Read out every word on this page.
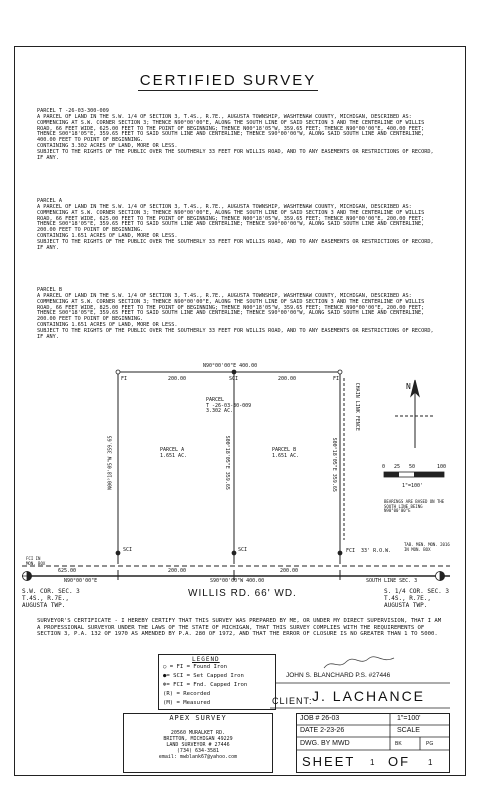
CERTIFIED SURVEY

PARCEL T -26-03-300-009
A PARCEL OF LAND IN THE S.W. 1/4 OF SECTION 3, T.4S., R.7E., AUGUSTA TOWNSHIP, WASHTENAW COUNTY, MICHIGAN, DESCRIBED AS:
COMMENCING AT S.W. CORNER SECTION 3; THENCE N90°00'00"E, ALONG THE SOUTH LINE OF SAID SECTION 3 AND THE CENTERLINE OF WILLIS ROAD, 66 FEET WIDE, 625.00 FEET TO THE POINT OF BEGINNING; THENCE N00°18'05"W, 359.65 FEET; THENCE N90°00'00"E, 400.00 FEET; THENCE S00°18'05"E, 359.65 FEET TO SAID SOUTH LINE AND CENTERLINE; THENCE S90°00'00"W, ALONG SAID SOUTH LINE AND CENTERLINE, 400.00 FEET TO POINT OF BEGINNING.
CONTAINING 3.302 ACRES OF LAND, MORE OR LESS.
SUBJECT TO THE RIGHTS OF THE PUBLIC OVER THE SOUTHERLY 33 FEET FOR WILLIS ROAD, AND TO ANY EASEMENTS OR RESTRICTIONS OF RECORD, IF ANY.

PARCEL A
A PARCEL OF LAND IN THE S.W. 1/4 OF SECTION 3, T.4S., R.7E., AUGUSTA TOWNSHIP, WASHTENAW COUNTY, MICHIGAN, DESCRIBED AS:
COMMENCING AT S.W. CORNER SECTION 3; THENCE N90°00'00"E, ALONG THE SOUTH LINE OF SAID SECTION 3 AND THE CENTERLINE OF WILLIS ROAD, 66 FEET WIDE, 625.00 FEET TO THE POINT OF BEGINNING; THENCE N00°18'05"W, 359.65 FEET; THENCE N90°00'00"E, 200.00 FEET; THENCE S00°18'05"E, 359.65 FEET TO SAID SOUTH LINE AND CENTERLINE; THENCE S90°00'00"W, ALONG SAID SOUTH LINE AND CENTERLINE, 200.00 FEET TO POINT OF BEGINNING.
CONTAINING 1.651 ACRES OF LAND, MORE OR LESS.
SUBJECT TO THE RIGHTS OF THE PUBLIC OVER THE SOUTHERLY 33 FEET FOR WILLIS ROAD, AND TO ANY EASEMENTS OR RESTRICTIONS OF RECORD, IF ANY.

PARCEL B
A PARCEL OF LAND IN THE S.W. 1/4 OF SECTION 3, T.4S., R.7E., AUGUSTA TOWNSHIP, WASHTENAW COUNTY, MICHIGAN, DESCRIBED AS:
COMMENCING AT S.W. CORNER SECTION 3; THENCE N90°00'00"E, ALONG THE SOUTH LINE OF SAID SECTION 3 AND THE CENTERLINE OF WILLIS ROAD, 66 FEET WIDE, 825.00 FEET TO THE POINT OF BEGINNING; THENCE N00°18'05"W, 359.65 FEET; THENCE N90°00'00"E, 200.00 FEET; THENCE S00°18'05"E, 359.65 FEET TO SAID SOUTH LINE AND CENTERLINE; THENCE S90°00'00"W, ALONG SAID SOUTH LINE AND CENTERLINE, 200.00 FEET TO POINT OF BEGINNING.
CONTAINING 1.651 ACRES OF LAND, MORE OR LESS.
SUBJECT TO THE RIGHTS OF THE PUBLIC OVER THE SOUTHERLY 33 FEET FOR WILLIS ROAD, AND TO ANY EASEMENTS OR RESTRICTIONS OF RECORD, IF ANY.

N90°00'00"E 400.00
200.00	200.00
FI	SCI	FI
PARCEL
T -26-03-30-009
3.302 AC.
PARCEL A
1.651 AC.
PARCEL B
1.651 AC.
N00°18'05"W 359.65	S00°18'05"E 359.65	S00°18'05"E 359.65
CHAIN LINK FENCE
FCI  33' R.O.W.
TAB. MEN. MON. 2016
IN MON. BOX
FCI IN
MON. BOX
SCI	SCI
625.00	200.00	200.00
SOUTH LINE SEC. 3
N90°00'00"E	S90°00'00"W 400.00
S.W. COR. SEC. 3
T.4S., R.7E.,
AUGUSTA TWP.
S. 1/4 COR. SEC. 3
T.4S., R.7E.,
AUGUSTA TWP.
WILLIS RD. 66' WD.
N
0 25 50	100
1"=100'
BEARINGS ARE BASED ON THE SOUTH LINE BEING N90°00'00"E
SURVEYOR'S CERTIFICATE - I HEREBY CERTIFY THAT THIS SURVEY WAS PREPARED BY ME, OR UNDER MY DIRECT SUPERVISION, THAT I AM A PROFESSIONAL SURVEYOR UNDER THE LAWS OF THE STATE OF MICHIGAN, THAT THIS SURVEY COMPLIES WITH THE REQUIREMENTS OF SECTION 3, P.A. 132 OF 1970 AS AMENDED BY P.A. 280 OF 1972, AND THAT THE ERROR OF CLOSURE IS NO GREATER THAN 1 TO 5000.
LEGEND
○ = FI = Found Iron
●= SCI = Set Capped Iron
⊛= FCI = Fnd. Capped Iron
(R) = Recorded
(M) = Measured
JOHN S. BLANCHARD P.S. #27446
CLIENT: J. LACHANCE
APEX SURVEY
20560 MURALKET RD.
BRITTON, MICHIGAN 49229
LAND SURVEYOR # 27446
(734) 634-3581
email: mwblank67@yahoo.com
JOB # 26-03	1"=100'
DATE 2-23-26	SCALE
DWG. BY MWD	BK	PG
SHEET 1 OF 1
